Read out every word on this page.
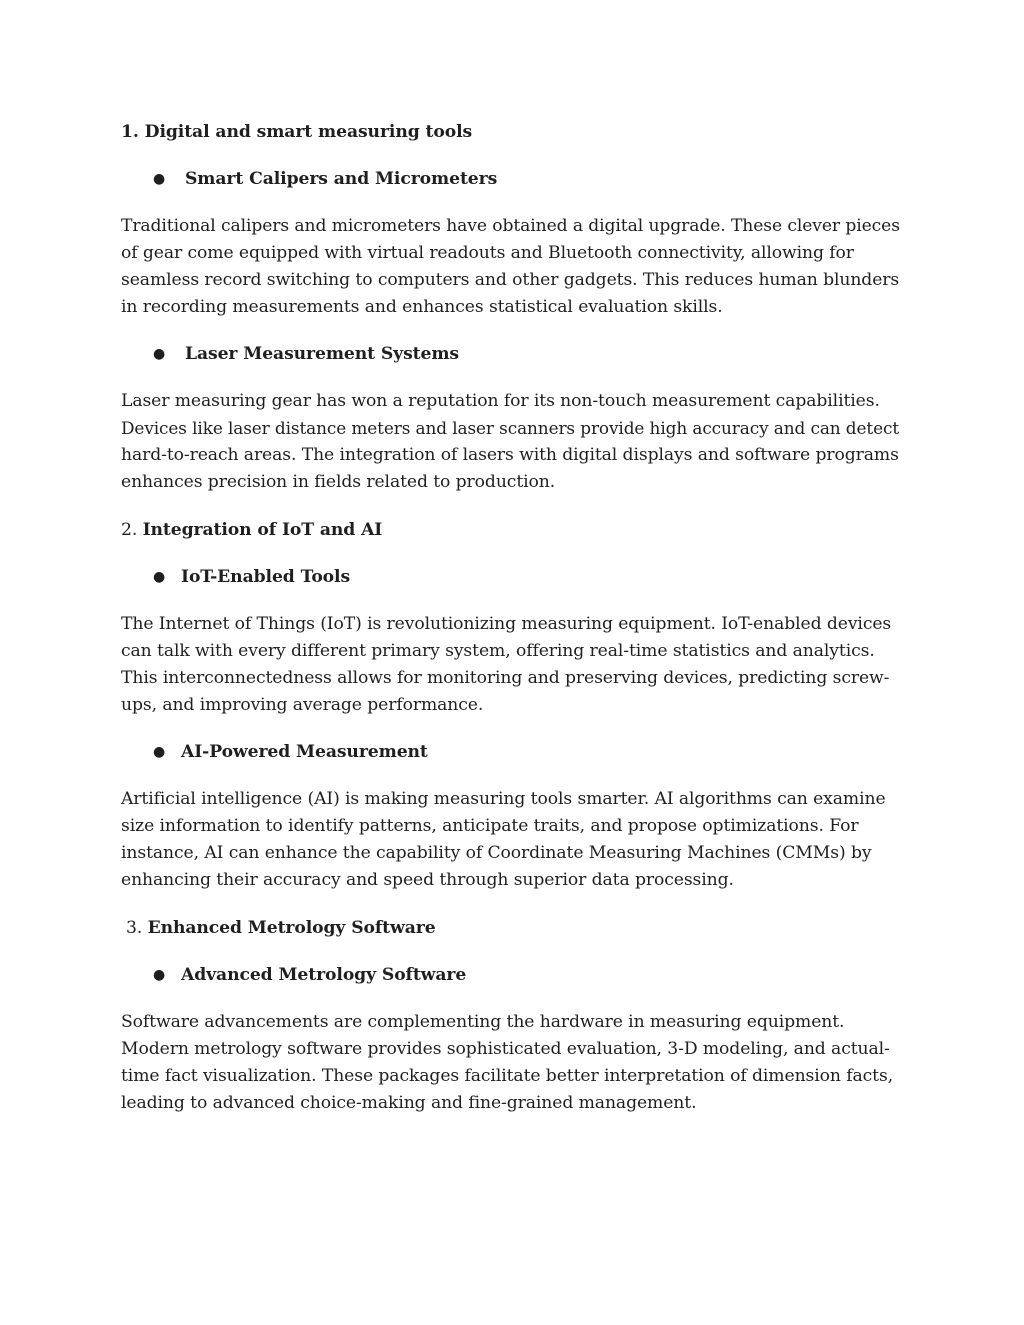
1. Digital and smart measuring tools
● Smart Calipers and Micrometers
Traditional calipers and micrometers have obtained a digital upgrade. These clever pieces
of gear come equipped with virtual readouts and Bluetooth connectivity, allowing for
seamless record switching to computers and other gadgets. This reduces human blunders
in recording measurements and enhances statistical evaluation skills.
● Laser Measurement Systems
Laser measuring gear has won a reputation for its non-touch measurement capabilities.
Devices like laser distance meters and laser scanners provide high accuracy and can detect
hard-to-reach areas. The integration of lasers with digital displays and software programs
enhances precision in fields related to production.
2. Integration of IoT and AI
● IoT-Enabled Tools
The Internet of Things (IoT) is revolutionizing measuring equipment. IoT-enabled devices
can talk with every different primary system, offering real-time statistics and analytics.
This interconnectedness allows for monitoring and preserving devices, predicting screw-
ups, and improving average performance.
● AI-Powered Measurement
Artificial intelligence (AI) is making measuring tools smarter. AI algorithms can examine
size information to identify patterns, anticipate traits, and propose optimizations. For
instance, AI can enhance the capability of Coordinate Measuring Machines (CMMs) by
enhancing their accuracy and speed through superior data processing.
3. Enhanced Metrology Software
● Advanced Metrology Software
Software advancements are complementing the hardware in measuring equipment.
Modern metrology software provides sophisticated evaluation, 3-D modeling, and actual-
time fact visualization. These packages facilitate better interpretation of dimension facts,
leading to advanced choice-making and fine-grained management.
